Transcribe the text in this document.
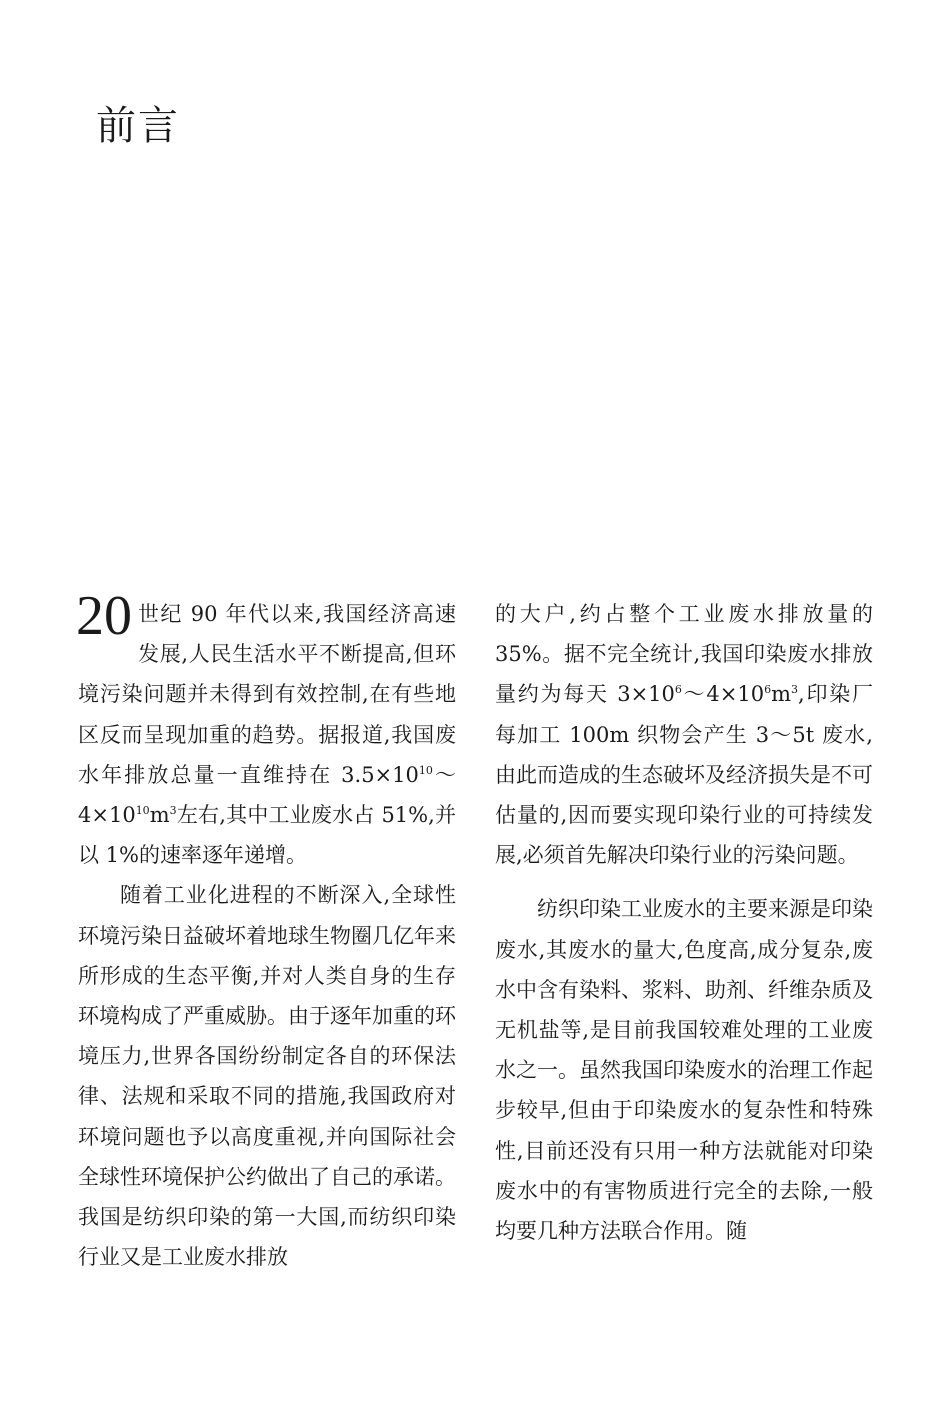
前言

20 世纪 90 年代以来,我国经济高速发展,人民生活水平不断提高,但环境污染问题并未得到有效控制,在有些地区反而呈现加重的趋势。据报道,我国废水年排放总量一直维持在 $3.5\times 10^{10}\sim 4\times 10^{10}m^3$左右,其中工业废水占 51%,并以 1%的速率逐年递增。

随着工业化进程的不断深入,全球性环境污染日益破坏着地球生物圈几亿年来所形成的生态平衡,并对人类自身的生存环境构成了严重威胁。由于逐年加重的环境压力,世界各国纷纷制定各自的环保法律、法规和采取不同的措施,我国政府对环境问题也予以高度重视,并向国际社会全球性环境保护公约做出了自己的承诺。我国是纺织印染的第一大国,而纺织印染行业又是工业废水排放

的大户,约占整个工业废水排放量的 35%。据不完全统计,我国印染废水排放量约为每天 $3\times 10^6\sim 4\times 10^6m^3$,印染厂每加工 100m 织物会产生 3～5t 废水,由此而造成的生态破坏及经济损失是不可估量的,因而要实现印染行业的可持续发展,必须首先解决印染行业的污染问题。

纺织印染工业废水的主要来源是印染废水,其废水的量大,色度高,成分复杂,废水中含有染料、浆料、助剂、纤维杂质及无机盐等,是目前我国较难处理的工业废水之一。虽然我国印染废水的治理工作起步较早,但由于印染废水的复杂性和特殊性,目前还没有只用一种方法就能对印染废水中的有害物质进行完全的去除,一般均要几种方法联合作用。随
